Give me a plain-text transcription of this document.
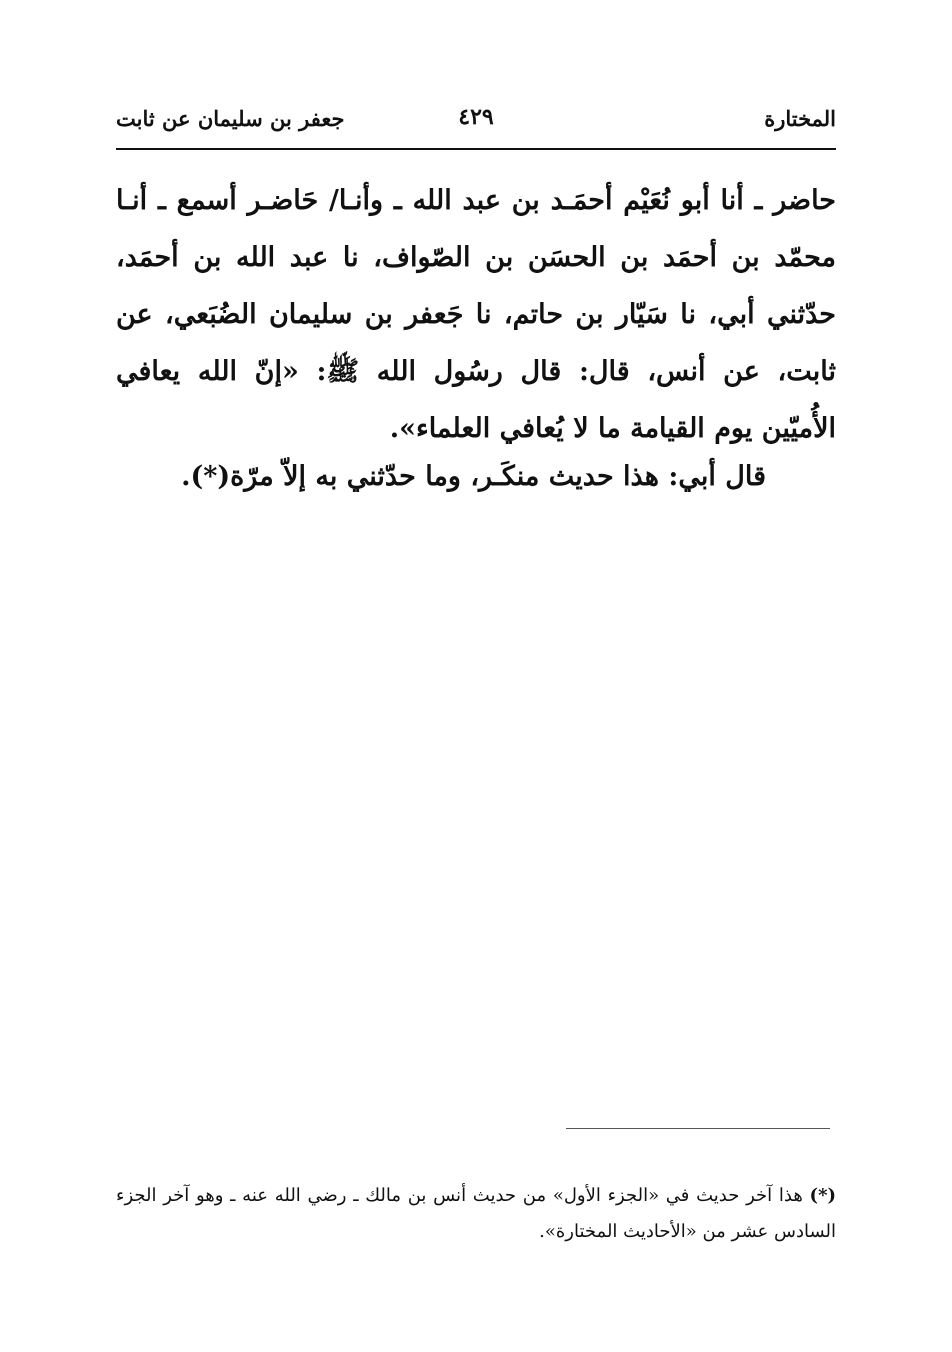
المختارة
٤٢٩
جعفر بن سليمان عن ثابت

حاضر ـ أنا أبو نُعَيْم أحمَـد بن عبد الله ـ وأنـا/ حَاضـر أسمع ـ أنـا محمّد بن أحمَد بن الحسَن بن الصّواف، نا عبد الله بن أحمَد، حدّثني أبي، نا سَيّار بن حاتم، نا جَعفر بن سليمان الضُبَعي، عن ثابت، عن أنس، قال: قال رسُول الله ﷺ: «إنّ الله يعافي الأُميّين يوم القيامة ما لا يُعافي العلماء».

قال أبي: هذا حديث منكَـر، وما حدّثني به إلاّ مرّة(*).
(*) هذا آخر حديث في «الجزء الأول» من حديث أنس بن مالك ـ رضي الله عنه ـ وهو آخر الجزء السادس عشر من «الأحاديث المختارة».
